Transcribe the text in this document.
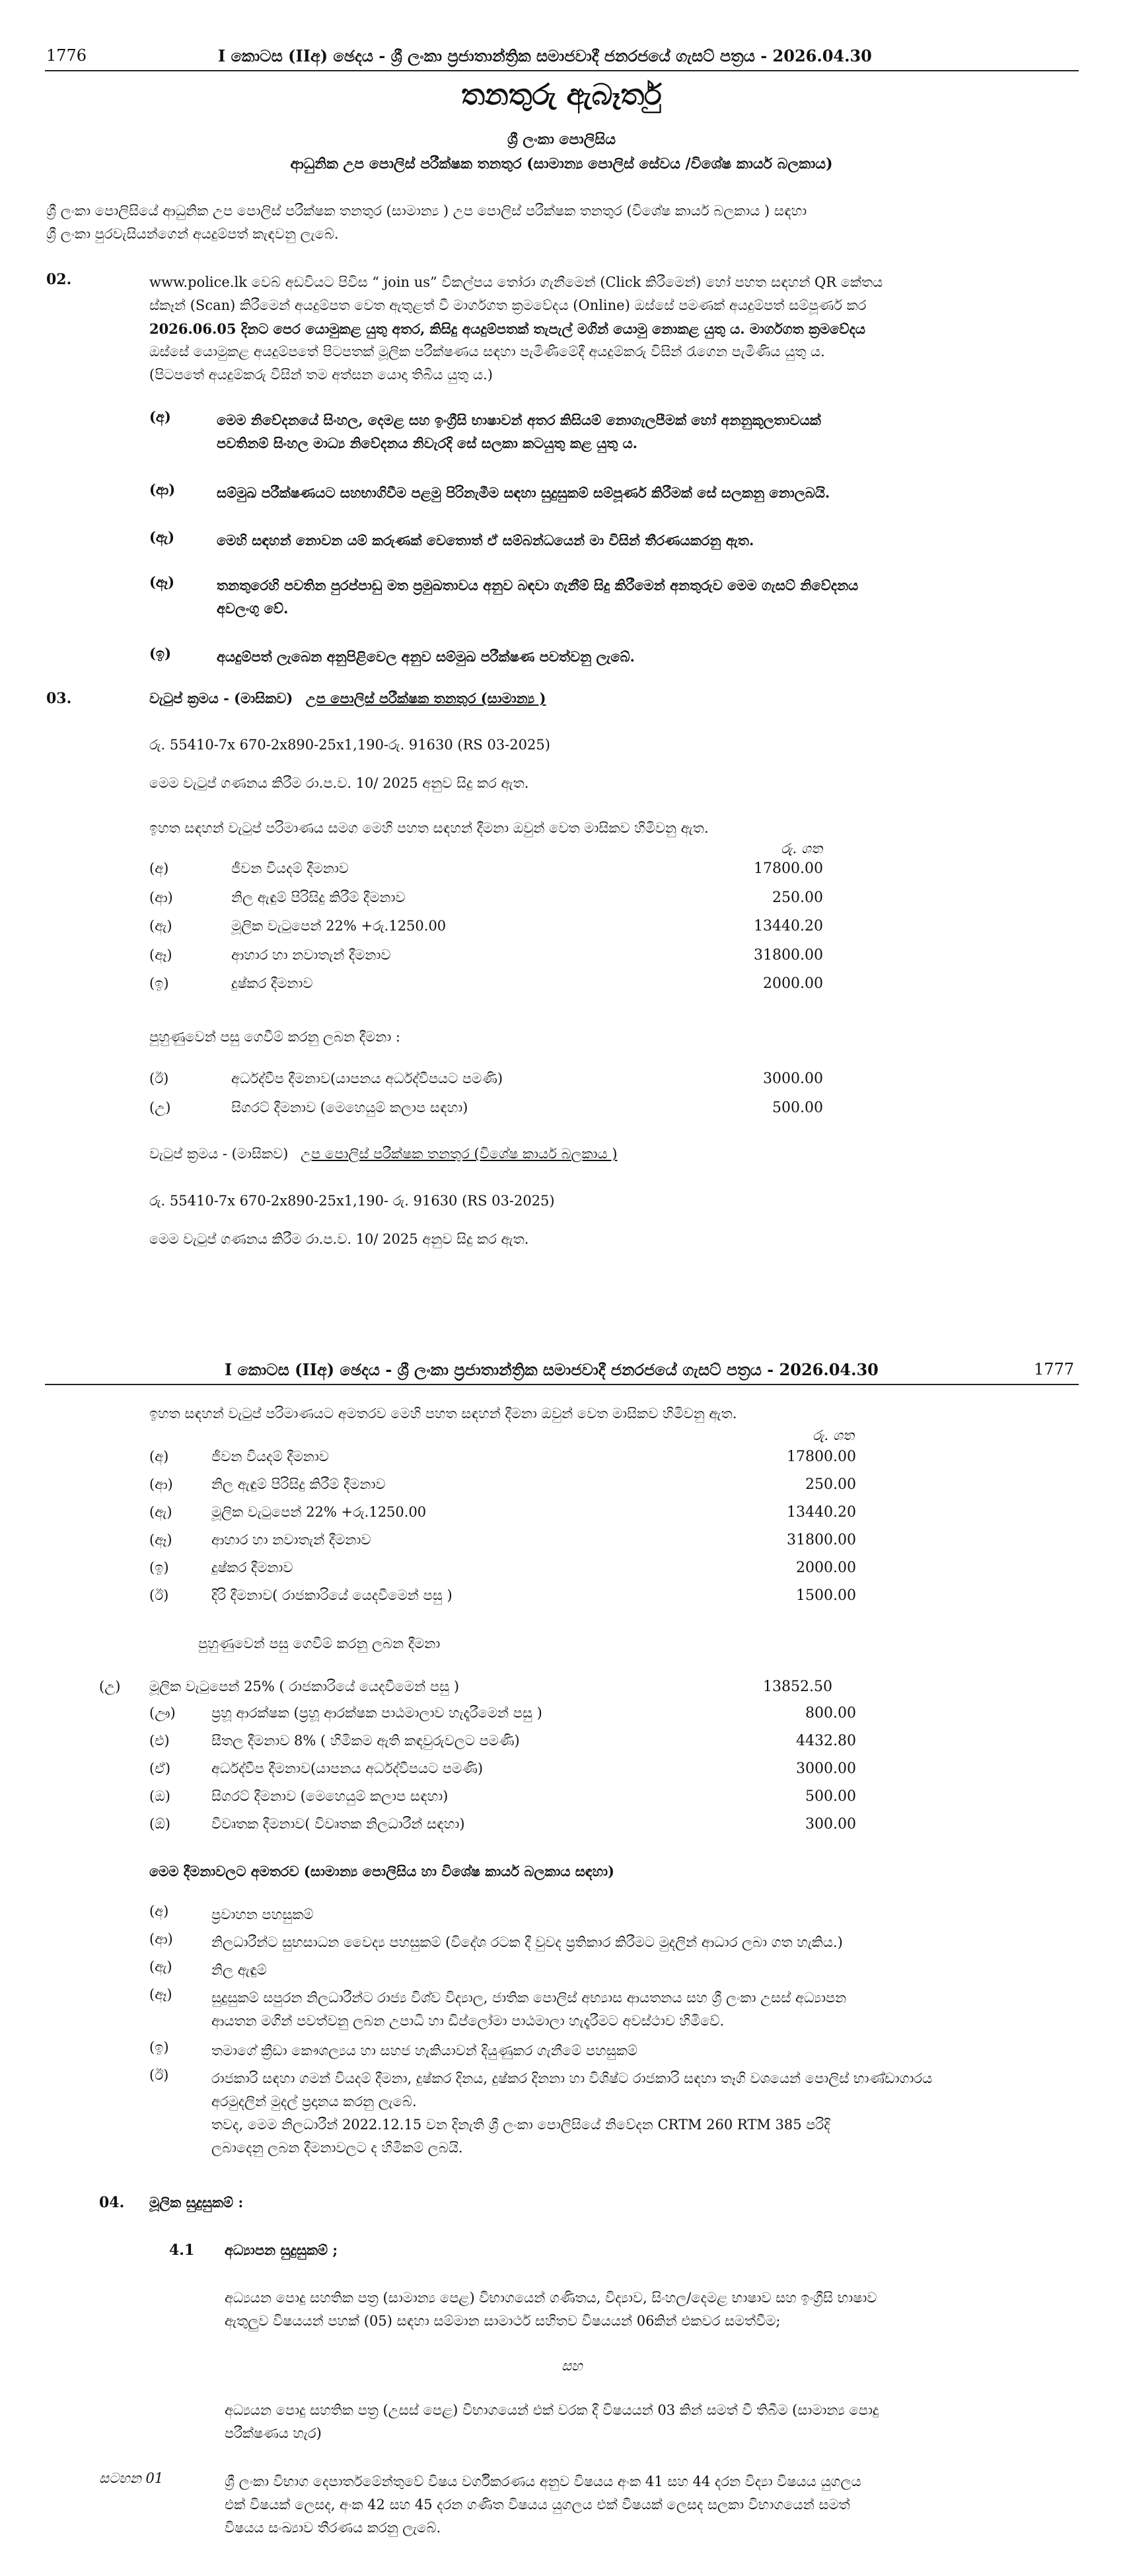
1776	I කොටස (IIඅ) ඡෙදය - ශ්‍රී ලංකා ප්‍රජාතාන්ත්‍රික සමාජවාදී ජනරජයේ ගැසට් පත්‍රය - 2026.04.30
තනතුරු ඇබෑර්තු
ශ්‍රී ලංකා පොලිසිය
ආධුනික උප පොලිස් පරීක්ෂක තනතුර (සාමාන්‍ය පොලිස් සේවය /විශේෂ කාර්ය බලකාය)
ශ්‍රී ලංකා පොලිසියේ ආධුනික උප පොලිස් පරීක්ෂක තනතුර (සාමාන්‍ය ) උප පොලිස් පරීක්ෂක තනතුර (විශේෂ කාර්ය බලකාය ) සඳහා
ශ්‍රී ලංකා පුරවැසියන්ගෙන් අයදුම්පත් කැඳවනු ලැබේ.
02.	www.police.lk වෙබ් අඩවියට පිවිස “ join us” විකල්පය තෝරා ගැනීමෙන් (Click කිරීමෙන්) හෝ පහත සඳහන් QR කේතය
ස්කෑන් (Scan) කිරීමෙන් අයදුම්පත වෙත ඇතුළත් වී මාර්ගගත ක්‍රමවේදය (Online) ඔස්සේ පමණක් අයදුම්පත් සම්පූර්ණ කර
2026.06.05 දිනට පෙර යොමුකළ යුතු අතර, කිසිදු අයදුම්පතක් තැපැල් මගින් යොමු නොකළ යුතු ය. මාර්ගගත ක්‍රමවේදය
ඔස්සේ යොමුකළ අයදුම්පතේ පිටපතක් මූලික පරීක්ෂණය සඳහා පැමිණීමේදී අයදුම්කරු විසින් රැගෙන පැමිණිය යුතු ය.
(පිටපතේ අයදුම්කරු විසින් තම අත්සන යොදා තිබිය යුතු ය.)
(අ)	මෙම නිවේදනයේ සිංහල, දෙමළ සහ ඉංග්‍රීසි භාෂාවන් අතර කිසියම් නොගැලපීමක් හෝ අනනුකූලතාවයක්
පවතිනම් සිංහල මාධ්‍ය නිවේදනය නිවැරදි සේ සලකා කටයුතු කළ යුතු ය.
(ආ)	සම්මුඛ පරීක්ෂණයට සහභාගිවීම පළමු පිරිනැමීම සඳහා සුදුසුකම් සම්පූර්ණ කිරීමක් සේ සලකනු නොලබයි.
(ඇ)	මෙහි සඳහන් නොවන යම් කරුණක් වෙතොත් ඒ සම්බන්ධයෙන් මා විසින් තීරණයකරනු ඇත.
(ඈ)	තනතුරෙහි පවතින පුරප්පාඩු මත ප්‍රමුඛතාවය අනුව බඳවා ගැනීම් සිදු කිරීමෙන් අනතුරුව මෙම ගැසට් නිවේදනය
අවලංගු වේ.
(ඉ)	අයදුම්පත් ලැබෙන අනුපිළිවෙල අනුව සම්මුඛ පරීක්ෂණ පවත්වනු ලැබේ.
03.	වැටුප් ක්‍රමය - (මාසිකව) උප පොලිස් පරීක්ෂක තනතුර (සාමාන්‍ය )
රු. 55410-7x 670-2x890-25x1,190-රු. 91630 (RS 03-2025)
මෙම වැටුප් ගණනය කිරීම රා.ප.ව. 10/ 2025 අනුව සිදු කර ඇත.
ඉහත සඳහන් වැටුප් පරිමාණය සමග මෙහි පහත සඳහන් දීමනා ඔවුන් වෙත මාසිකව හිමිවනු ඇත.
රු. ශත
(අ)	ජීවන වියදම් දීමනාව	17800.00
(ආ)	නිල ඇඳුම් පිරිසිදු කිරීම් දීමනාව	250.00
(ඇ)	මූලික වැටුපෙන් 22% +රු.1250.00	13440.20
(ඈ)	ආහාර හා නවාතැන් දීමනාව	31800.00
(ඉ)	දුෂ්කර දීමනාව	2000.00
පුහුණුවෙන් පසු ගෙවීම් කරනු ලබන දීමනා :
(ඊ)	අර්ධද්වීප දීමනාව(යාපනය අර්ධද්වීපයට පමණි)	3000.00
(උ)	සිගරට් දීමනාව (මෙහෙයුම් කලාප සඳහා)	500.00
වැටුප් ක්‍රමය - (මාසිකව) උප පොලිස් පරීක්ෂක තනතුර (විශේෂ කාර්ය බලකාය )
රු. 55410-7x 670-2x890-25x1,190- රු. 91630 (RS 03-2025)
මෙම වැටුප් ගණනය කිරීම රා.ප.ව. 10/ 2025 අනුව සිදු කර ඇත.
I කොටස (IIඅ) ඡෙදය - ශ්‍රී ලංකා ප්‍රජාතාන්ත්‍රික සමාජවාදී ජනරජයේ ගැසට් පත්‍රය - 2026.04.30	1777
ඉහත සඳහන් වැටුප් පරිමාණයට අමතරව මෙහි පහත සඳහන් දීමනා ඔවුන් වෙත මාසිකව හිමිවනු ඇත.
රු. ශත
(අ)	ජීවන වියදම් දීමනාව	17800.00
(ආ)	නිල ඇඳුම් පිරිසිදු කිරීම් දීමනාව	250.00
(ඇ)	මූලික වැටුපෙන් 22% +රු.1250.00	13440.20
(ඈ)	ආහාර හා නවාතැන් දීමනාව	31800.00
(ඉ)	දුෂ්කර දීමනාව	2000.00
(ඊ)	දිරි දීමනාව( රාජකාරියේ යෙදවීමෙන් පසු )	1500.00
පුහුණුවෙන් පසු ගෙවීම් කරනු ලබන දීමනා
(උ) මූලික වැටුපෙන් 25% ( රාජකාරියේ යෙදවීමෙන් පසු )	13852.50
(ඌ)	ප්‍රහූ ආරක්ෂක (ප්‍රහූ ආරක්ෂක පාඨමාලාව හැදෑරීමෙන් පසු )	800.00
(එ)	සීතල දීමනාව 8% ( හිමිකම ඇති කඳවුරුවලට පමණි)	4432.80
(ඒ)	අර්ධද්වීප දීමනාව(යාපනය අර්ධද්වීපයට පමණි)	3000.00
(ඔ)	සිගරට් දීමනාව (මෙහෙයුම් කලාප සඳහා)	500.00
(ඕ)	විවෘතක දීමනාව( විවෘතක නිලධාරීන් සඳහා)	300.00
මෙම දීමනාවලට අමතරව (සාමාන්‍ය පොලිසිය හා විශේෂ කාර්ය බලකාය සඳහා)
(අ)	ප්‍රවාහන පහසුකම්
(ආ)	නිලධාරීන්ට සුභසාධන වෛද්‍ය පහසුකම් (විදේශ රටක දී වුවද ප්‍රතිකාර කිරීමට මුදලින් ආධාර ලබා ගත හැකිය.)
(ඇ)	නිල ඇඳුම්
(ඈ)	සුදුසුකම් සපුරන නිලධාරීන්ට රාජ්‍ය විශ්ව විද්‍යාල, ජාතික පොලිස් අභ්‍යාස ආයතනය සහ ශ්‍රී ලංකා උසස් අධ්‍යාපන
ආයතන මගින් පවත්වනු ලබන උපාධි හා ඩිප්ලෝමා පාඨමාලා හැදෑරීමට අවස්ථාව හිමිවේ.
(ඉ)	තමාගේ ක්‍රීඩා කෞශල්‍යය හා සහජ හැකියාවන් දියුණුකර ගැනීමේ පහසුකම්
(ඊ)	රාජකාරි සඳහා ගමන් වියදම් දීමනා, දුෂ්කර දිනය, දුෂ්කර දිනනා හා විශිෂ්ට රාජකාරි සඳහා තෑගි වශයෙන් පොලිස් භාණ්ඩාගාරය
අරමුදලින් මුදල් ප්‍රදානය කරනු ලැබේ.
තවද, මෙම නිලධාරීන් 2022.12.15 වන දිනැති ශ්‍රී ලංකා පොලිසියේ නිවේදන CRTM 260 RTM 385 පරිදි
ලබාදෙනු ලබන දීමනාවලට ද හිමිකම් ලබයි.
04. මූලික සුදුසුකම් :
4.1 අධ්‍යාපන සුදුසුකම් ;
අධ්‍යයන පොදු සහතික පත්‍ර (සාමාන්‍ය පෙළ) විභාගයෙන් ගණිතය, විද්‍යාව, සිංහල/දෙමළ භාෂාව සහ ඉංග්‍රීසි භාෂාව
ඇතුලුව විෂයයන් පහක් (05) සඳහා සම්මාන සාමාර්ථ සහිතව විෂයයන් 06කින් එකවර සමත්වීම;
සහ
අධ්‍යයන පොදු සහතික පත්‍ර (උසස් පෙළ) විභාගයෙන් එක් වරක දී විෂයයන් 03 කින් සමත් වී තිබීම (සාමාන්‍ය පොදු
පරීක්ෂණය හැර)
සටහන 01	ශ්‍රී ලංකා විභාග දෙපාර්තමේන්තුවේ විෂය වර්ගීකරණය අනුව විෂයය අංක 41 සහ 44 දරන විද්‍යා විෂයය යුගලය
එක් විෂයක් ලෙසද, අංක 42 සහ 45 දරන ගණිත විෂයය යුගලය එක් විෂයක් ලෙසද සලකා විභාගයෙන් සමත්
විෂයය සංඛ්‍යාව තීරණය කරනු ලැබේ.
